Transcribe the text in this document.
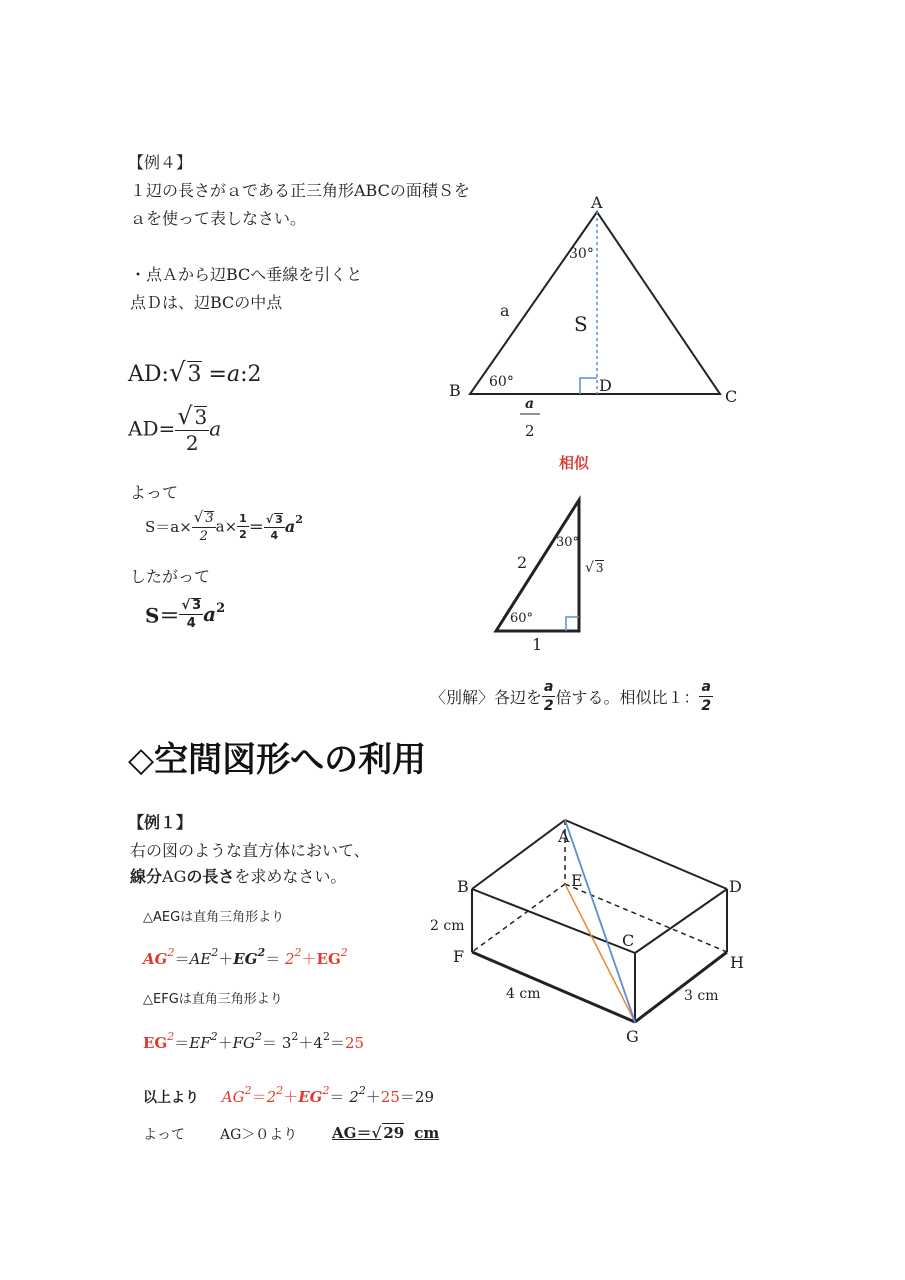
【例４】
１辺の長さがａである正三角形ABCの面積Ｓを
ａを使って表しなさい。
・点Ａから辺BCへ垂線を引くと
点Ｄは、辺BCの中点
AD:√3 =a:2
$AD= \frac{√ 3}{2}$ a
よって
$S=a\times \frac{√ 3}{2} a\times \frac{1}{2} = \frac{√ 3}{4} a^2$
したがって
$S= \frac{√ 3}{4} a^2$
A
B	C
D
a
S
30°
60°
a
2
相似
2
1
√ 3
30°
60°
〈別解〉各辺を $\frac{a}{2}$ 倍する。相似比１： $\frac{a}{2}$
◇空間図形への利用
【例１】
右の図のような直方体において、
線分AGの長さを求めなさい。
△AEGは直角三角形より
$AG^2=AE^2+EG^2= 2^2+EG^2$
△EFGは直角三角形より
$EG^2=EF^2+FG^2= 3^2+4^2=25$
以上より $AG^2=2^2+EG^2= 2^2+25=29$
よって	AG＞０より AG＝√ 29 cm
A
B
C
D
E
F
G
H
2 cm
4 cm	3 cm
